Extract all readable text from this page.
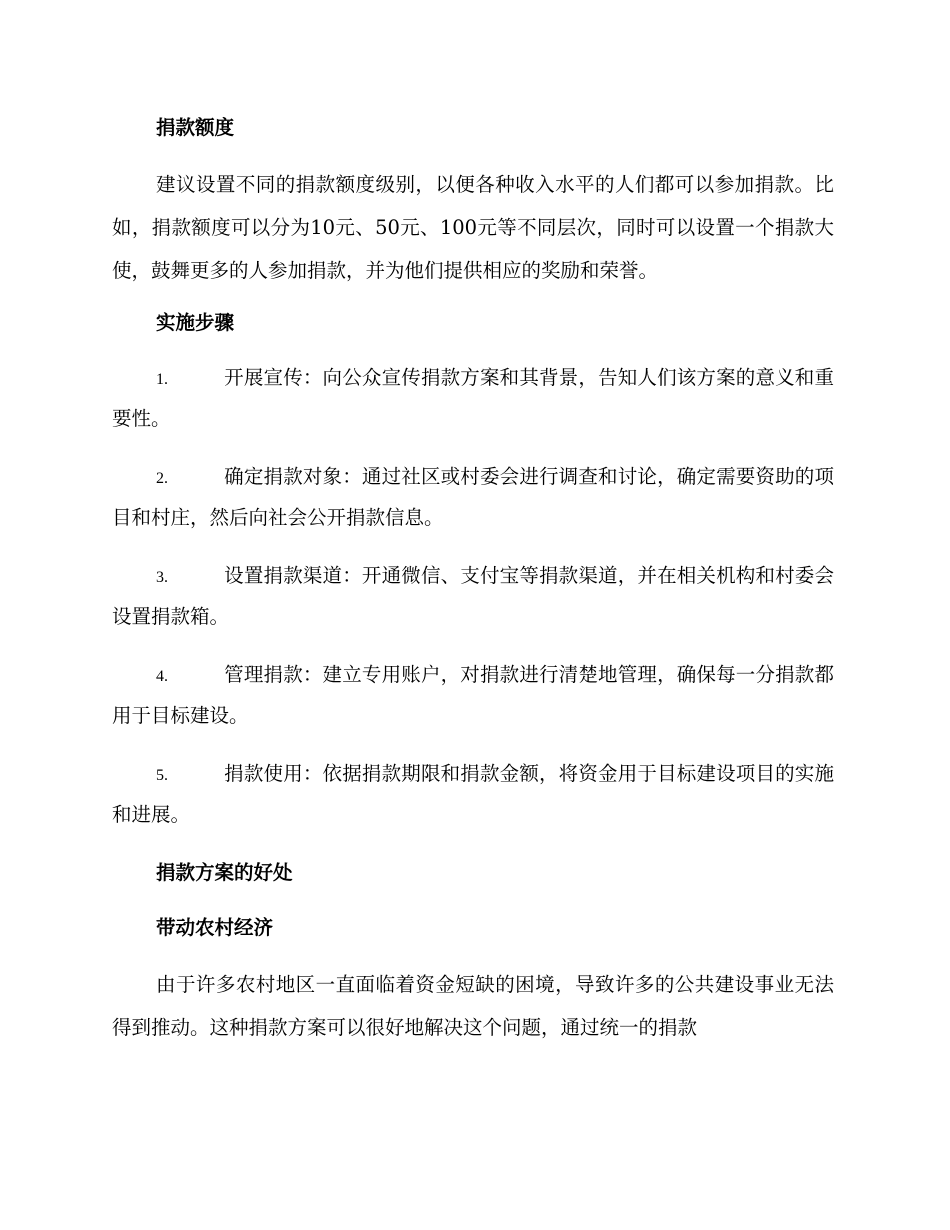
捐款额度

建议设置不同的捐款额度级别，以便各种收入水平的人们都可以参加捐款。比如，捐款额度可以分为10元、50元、100元等不同层次，同时可以设置一个捐款大使，鼓舞更多的人参加捐款，并为他们提供相应的奖励和荣誉。

实施步骤
1.	开展宣传：向公众宣传捐款方案和其背景，告知人们该方案的意义和重要性。
2.	确定捐款对象：通过社区或村委会进行调查和讨论，确定需要资助的项目和村庄，然后向社会公开捐款信息。
3.	设置捐款渠道：开通微信、支付宝等捐款渠道，并在相关机构和村委会设置捐款箱。
4.	管理捐款：建立专用账户，对捐款进行清楚地管理，确保每一分捐款都用于目标建设。
5.	捐款使用：依据捐款期限和捐款金额，将资金用于目标建设项目的实施和进展。
捐款方案的好处
带动农村经济

由于许多农村地区一直面临着资金短缺的困境，导致许多的公共建设事业无法得到推动。这种捐款方案可以很好地解决这个问题，通过统一的捐款
